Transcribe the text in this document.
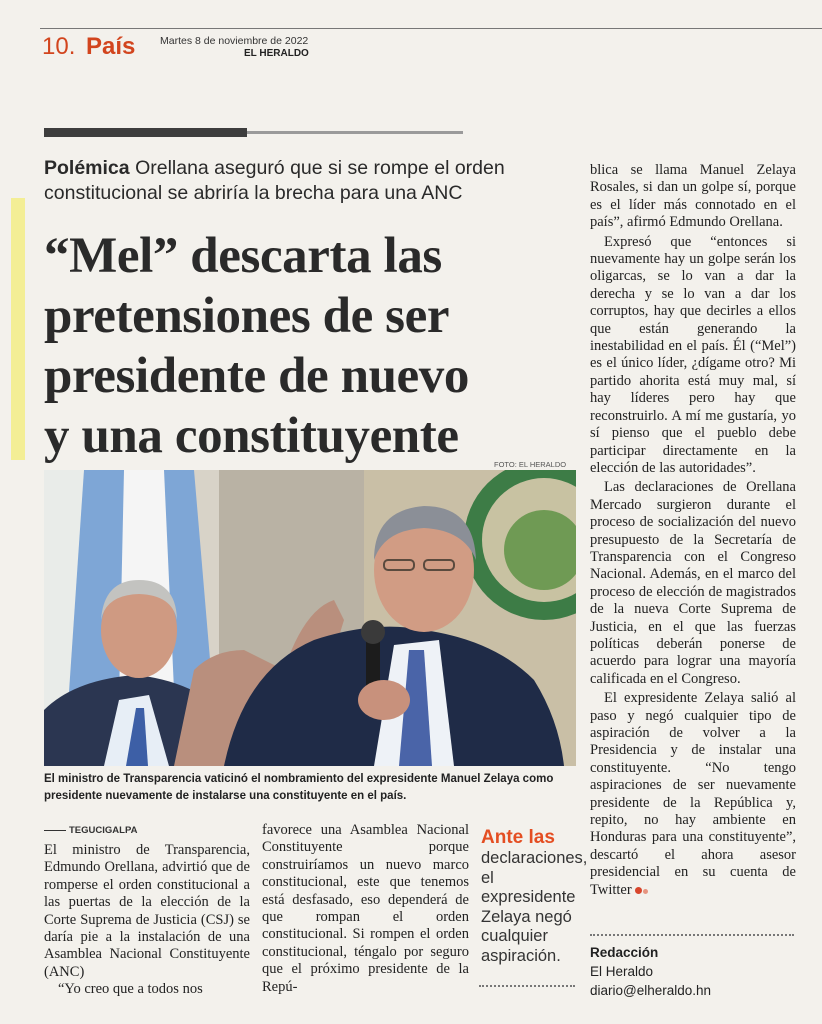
10. País Martes 8 de noviembre de 2022
EL HERALDO
Polémica Orellana aseguró que si se rompe el orden constitucional se abriría la brecha para una ANC
“Mel” descarta las
pretensiones de ser
presidente de nuevo
y una constituyente
FOTO: EL HERALDO
El ministro de Transparencia vaticinó el nombramiento del expresidente Manuel Zelaya como presidente nuevamente de instalarse una constituyente en el país.
TEGUCIGALPA

El ministro de Transparencia, Edmundo Orellana, advirtió que de romperse el orden constitucional a las puertas de la elección de la Corte Suprema de Justicia (CSJ) se daría pie a la instalación de una Asamblea Nacional Constituyente (ANC)

“Yo creo que a todos nos

favorece una Asamblea Nacional Constituyente porque construiríamos un nuevo marco constitucional, este que tenemos está desfasado, eso dependerá de que rompan el orden constitucional. Si rompen el orden constitucional, téngalo por seguro que el próximo presidente de la Repú-

Ante las
declaraciones, el expresidente Zelaya negó cualquier aspiración.

blica se llama Manuel Zelaya Rosales, si dan un golpe sí, porque es el líder más connotado en el país”, afirmó Edmundo Orellana.

Expresó que “entonces si nuevamente hay un golpe serán los oligarcas, se lo van a dar la derecha y se lo van a dar los corruptos, hay que decirles a ellos que están generando la inestabilidad en el país. Él (“Mel”) es el único líder, ¿dígame otro? Mi partido ahorita está muy mal, sí hay líderes pero hay que reconstruirlo. A mí me gustaría, yo sí pienso que el pueblo debe participar directamente en la elección de las autoridades”.

Las declaraciones de Orellana Mercado surgieron durante el proceso de socialización del nuevo presupuesto de la Secretaría de Transparencia con el Congreso Nacional. Además, en el marco del proceso de elección de magistrados de la nueva Corte Suprema de Justicia, en el que las fuerzas políticas deberán ponerse de acuerdo para lograr una mayoría calificada en el Congreso.

El expresidente Zelaya salió al paso y negó cualquier tipo de aspiración de volver a la Presidencia y de instalar una constituyente. “No tengo aspiraciones de ser nuevamente presidente de la República y, repito, no hay ambiente en Honduras para una constituyente”, descartó el ahora asesor presidencial en su cuenta de Twitter

Redacción
El Heraldo
diario@elheraldo.hn
